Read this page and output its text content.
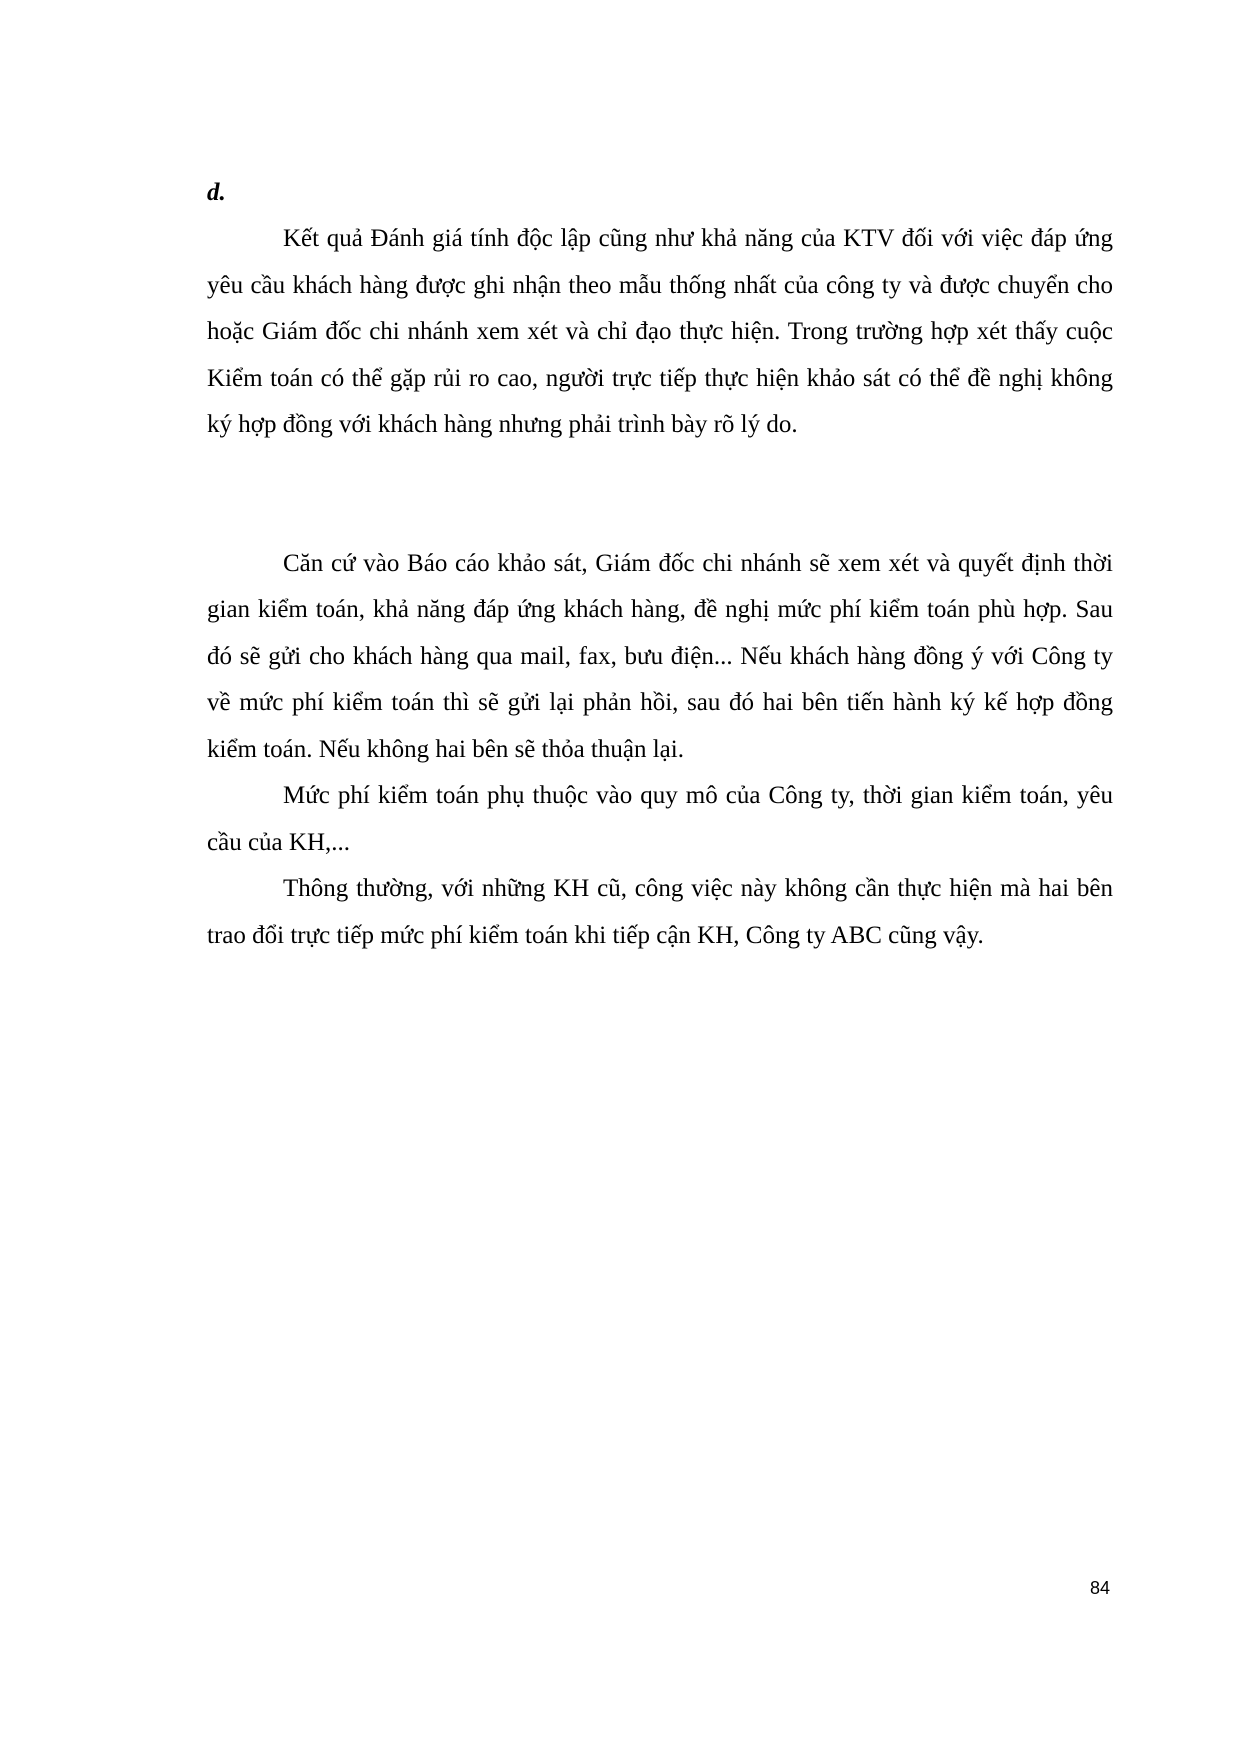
d.

Kết quả Đánh giá tính độc lập cũng như khả năng của KTV đối với việc đáp ứng yêu cầu khách hàng được ghi nhận theo mẫu thống nhất của công ty và được chuyển cho hoặc Giám đốc chi nhánh xem xét và chỉ đạo thực hiện. Trong trường hợp xét thấy cuộc Kiểm toán có thể gặp rủi ro cao, người trực tiếp thực hiện khảo sát có thể đề nghị không ký hợp đồng với khách hàng nhưng phải trình bày rõ lý do.

Căn cứ vào Báo cáo khảo sát, Giám đốc chi nhánh sẽ xem xét và quyết định thời gian kiểm toán, khả năng đáp ứng khách hàng, đề nghị mức phí kiểm toán phù hợp. Sau đó sẽ gửi cho khách hàng qua mail, fax, bưu điện... Nếu khách hàng đồng ý với Công ty về mức phí kiểm toán thì sẽ gửi lại phản hồi, sau đó hai bên tiến hành ký kế hợp đồng kiểm toán. Nếu không hai bên sẽ thỏa thuận lại.

Mức phí kiểm toán phụ thuộc vào quy mô của Công ty, thời gian kiểm toán, yêu cầu của KH,...

Thông thường, với những KH cũ, công việc này không cần thực hiện mà hai bên trao đổi trực tiếp mức phí kiểm toán khi tiếp cận KH, Công ty ABC cũng vậy.

84
